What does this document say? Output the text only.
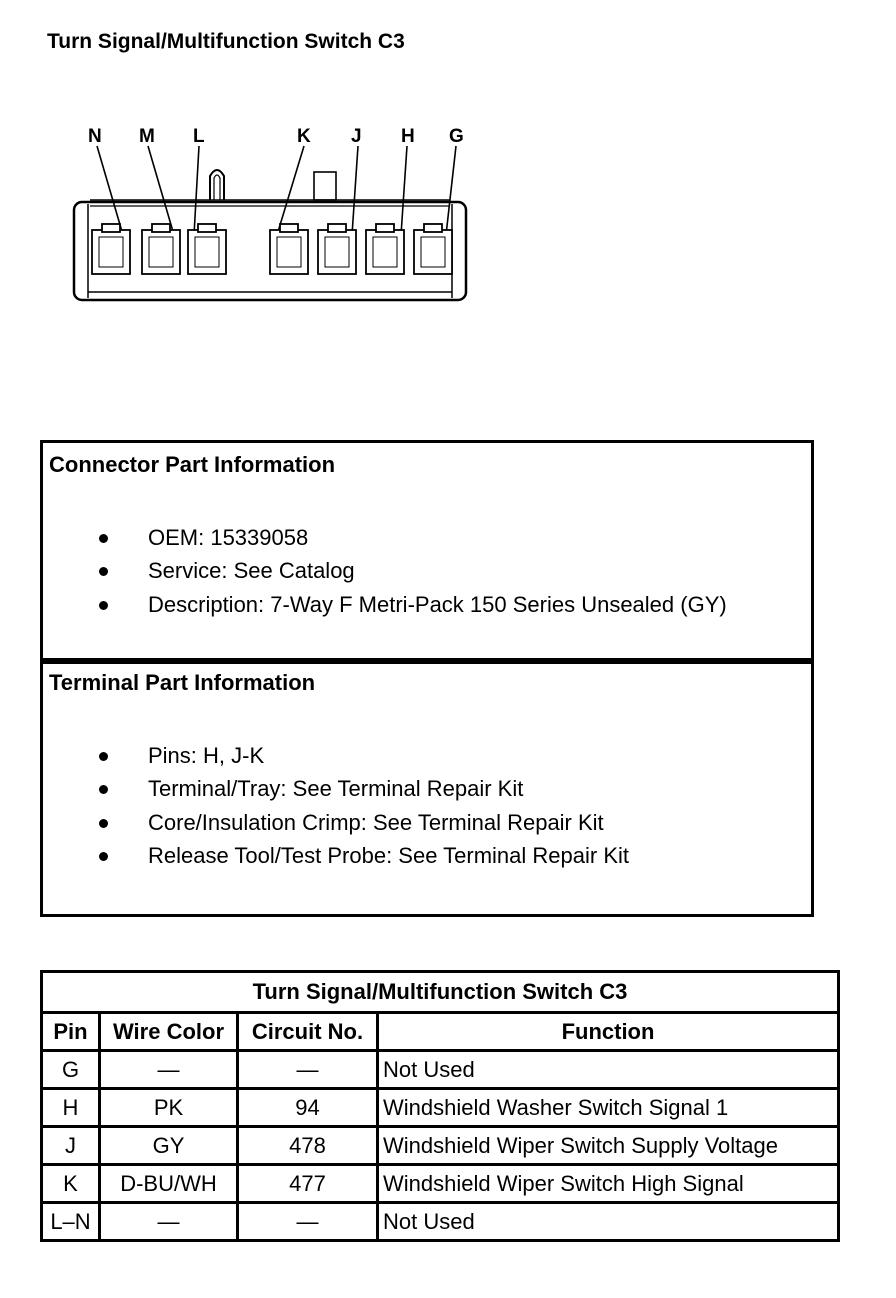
Turn Signal/Multifunction Switch C3
N M L	K J H G
Connector Part Information
OEM: 15339058
Service: See Catalog
Description: 7-Way F Metri-Pack 150 Series Unsealed (GY)
Terminal Part Information
Pins: H, J-K
Terminal/Tray: See Terminal Repair Kit
Core/Insulation Crimp: See Terminal Repair Kit
Release Tool/Test Probe: See Terminal Repair Kit
Turn Signal/Multifunction Switch C3			
Pin	Wire Color	Circuit No.	Function
G	—	—	Not Used
H	PK	94	Windshield Washer Switch Signal 1
J	GY	478	Windshield Wiper Switch Supply Voltage
K	D-BU/WH	477	Windshield Wiper Switch High Signal
L–N	—	—	Not Used
